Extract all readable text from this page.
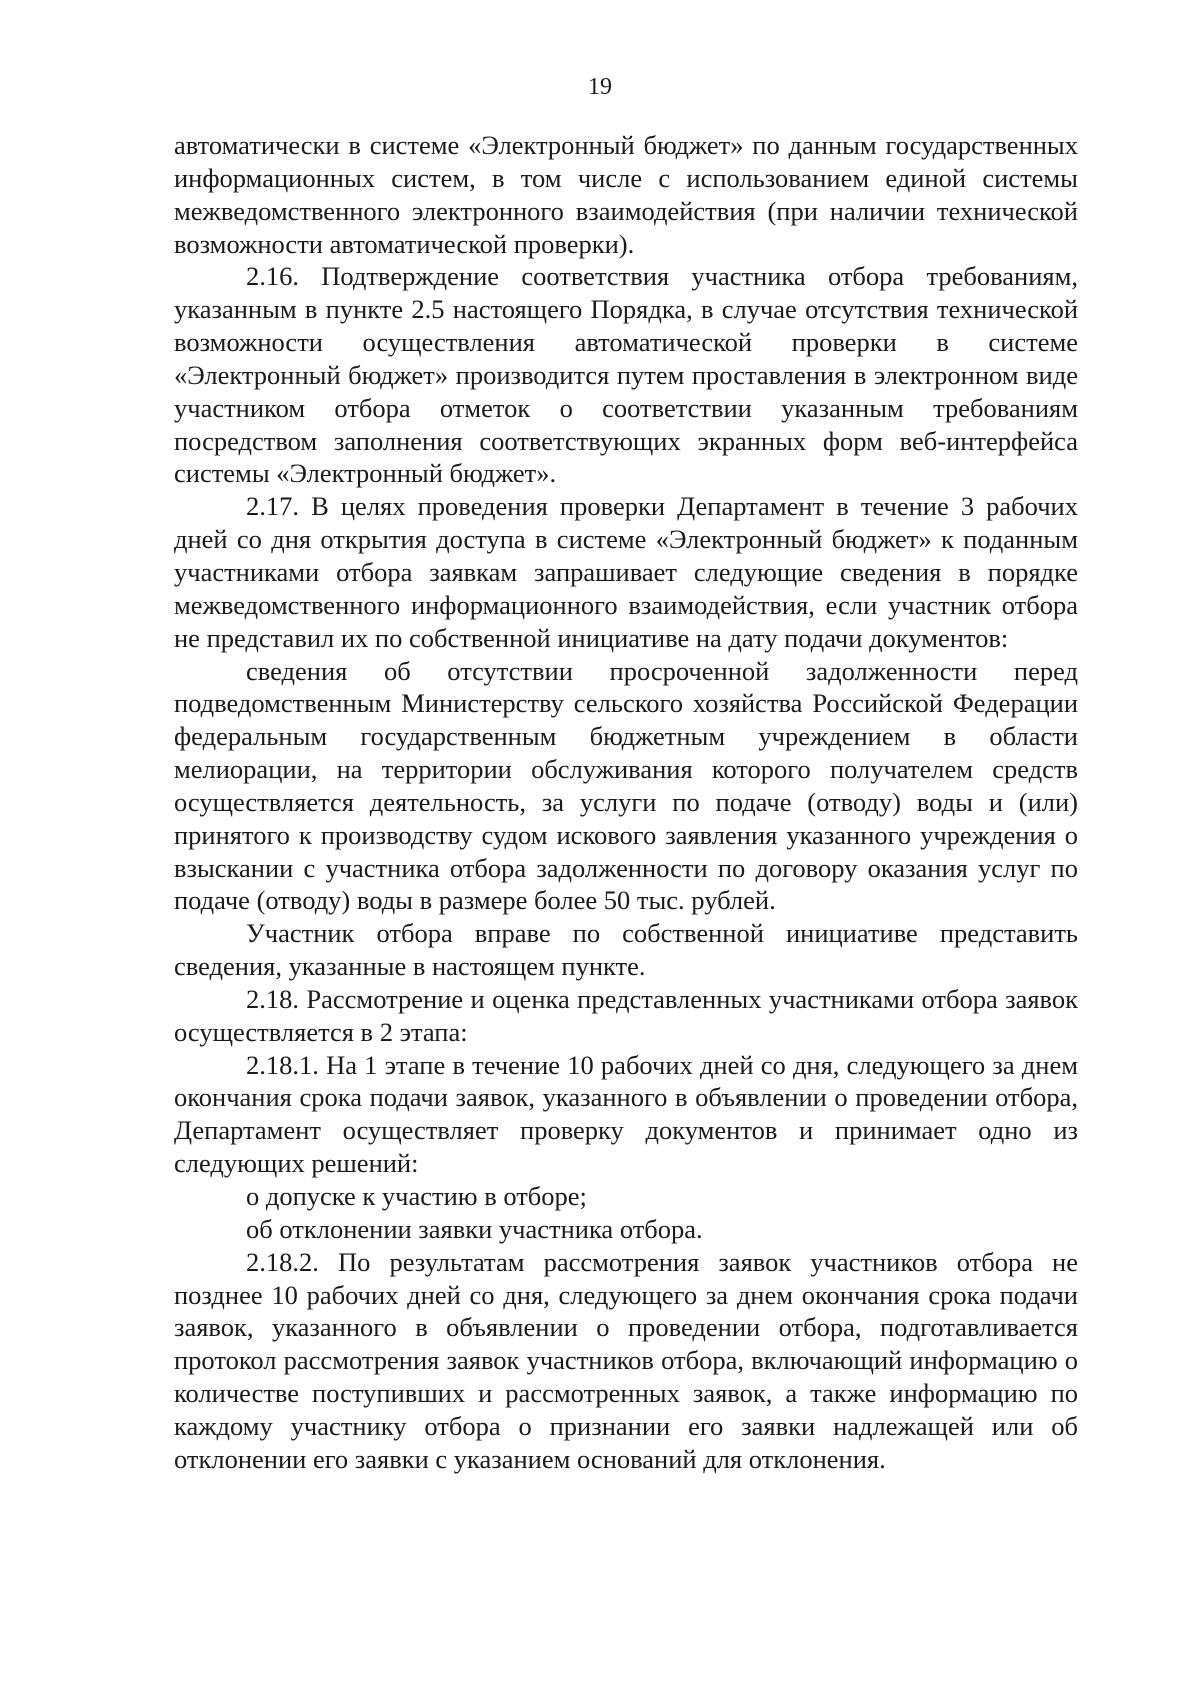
19

автоматически в системе «Электронный бюджет» по данным государственных информационных систем, в том числе с использованием единой системы межведомственного электронного взаимодействия (при наличии технической возможности автоматической проверки).

2.16. Подтверждение соответствия участника отбора требованиям, указанным в пункте 2.5 настоящего Порядка, в случае отсутствия технической возможности осуществления автоматической проверки в системе «Электронный бюджет» производится путем проставления в электронном виде участником отбора отметок о соответствии указанным требованиям посредством заполнения соответствующих экранных форм веб-интерфейса системы «Электронный бюджет».

2.17. В целях проведения проверки Департамент в течение 3 рабочих дней со дня открытия доступа в системе «Электронный бюджет» к поданным участниками отбора заявкам запрашивает следующие сведения в порядке межведомственного информационного взаимодействия, если участник отбора не представил их по собственной инициативе на дату подачи документов:

сведения об отсутствии просроченной задолженности перед подведомственным Министерству сельского хозяйства Российской Федерации федеральным государственным бюджетным учреждением в области мелиорации, на территории обслуживания которого получателем средств осуществляется деятельность, за услуги по подаче (отводу) воды и (или) принятого к производству судом искового заявления указанного учреждения о взыскании с участника отбора задолженности по договору оказания услуг по подаче (отводу) воды в размере более 50 тыс. рублей.

Участник отбора вправе по собственной инициативе представить сведения, указанные в настоящем пункте.

2.18. Рассмотрение и оценка представленных участниками отбора заявок осуществляется в 2 этапа:

2.18.1. На 1 этапе в течение 10 рабочих дней со дня, следующего за днем окончания срока подачи заявок, указанного в объявлении о проведении отбора, Департамент осуществляет проверку документов и принимает одно из следующих решений:

о допуске к участию в отборе;

об отклонении заявки участника отбора.

2.18.2. По результатам рассмотрения заявок участников отбора не позднее 10 рабочих дней со дня, следующего за днем окончания срока подачи заявок, указанного в объявлении о проведении отбора, подготавливается протокол рассмотрения заявок участников отбора, включающий информацию о количестве поступивших и рассмотренных заявок, а также информацию по каждому участнику отбора о признании его заявки надлежащей или об отклонении его заявки с указанием оснований для отклонения.
